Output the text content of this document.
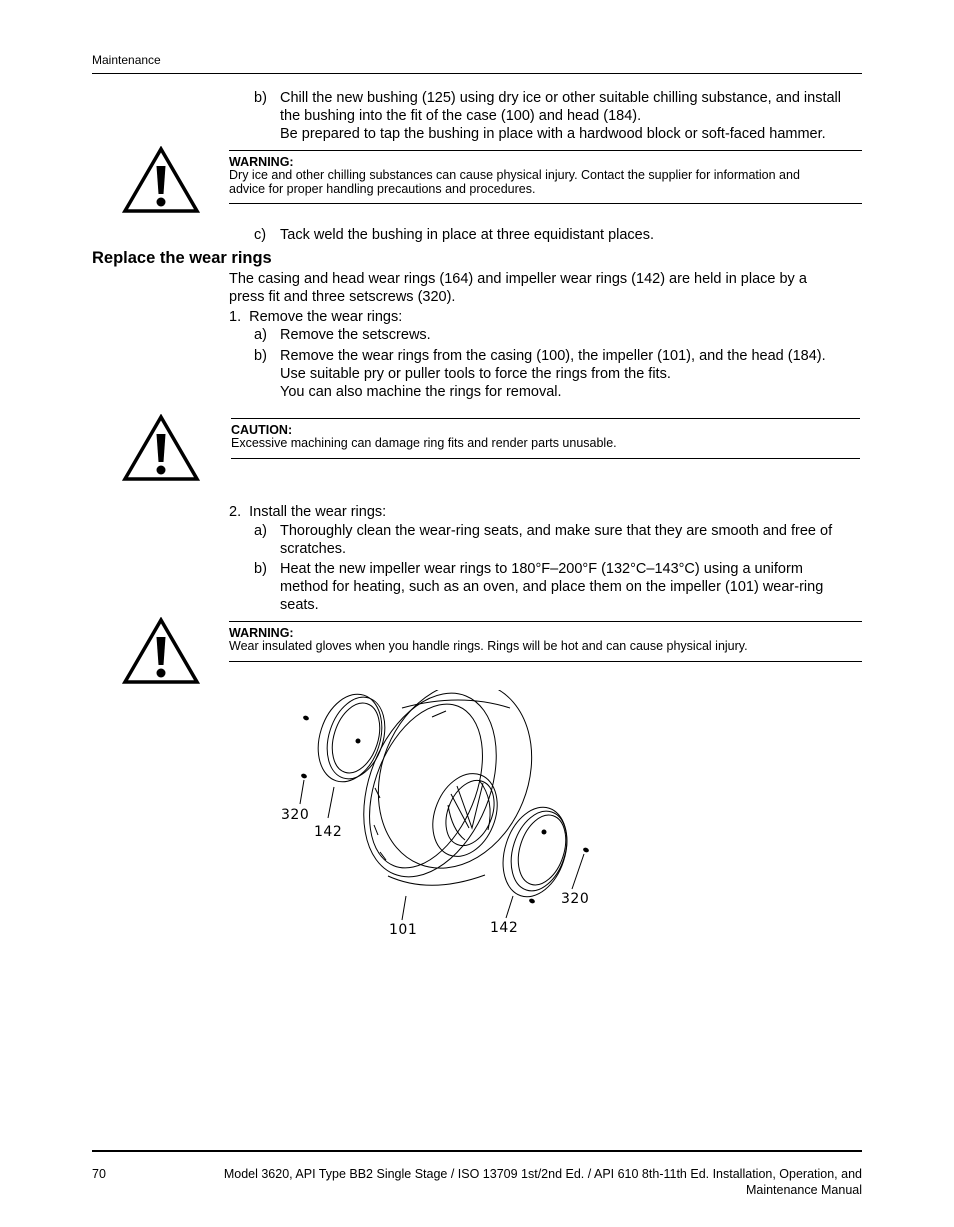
Maintenance
b) Chill the new bushing (125) using dry ice or other suitable chilling substance, and install
the bushing into the fit of the case (100) and head (184).
Be prepared to tap the bushing in place with a hardwood block or soft-faced hammer.
WARNING:
Dry ice and other chilling substances can cause physical injury. Contact the supplier for information and
advice for proper handling precautions and procedures.
c) Tack weld the bushing in place at three equidistant places.
Replace the wear rings
The casing and head wear rings (164) and impeller wear rings (142) are held in place by a
press fit and three setscrews (320).
1.  Remove the wear rings:
a) Remove the setscrews.
b) Remove the wear rings from the casing (100), the impeller (101), and the head (184).
Use suitable pry or puller tools to force the rings from the fits.
You can also machine the rings for removal.
CAUTION:
Excessive machining can damage ring fits and render parts unusable.
2.  Install the wear rings:
a) Thoroughly clean the wear-ring seats, and make sure that they are smooth and free of
scratches.
b) Heat the new impeller wear rings to 180°F–200°F (132°C–143°C) using a uniform
method for heating, such as an oven, and place them on the impeller (101) wear-ring
seats.
WARNING:
Wear insulated gloves when you handle rings. Rings will be hot and can cause physical injury.
320
142
101	142
320
70	Model 3620, API Type BB2 Single Stage / ISO 13709 1st/2nd Ed. / API 610 8th-11th Ed. Installation, Operation, and
Maintenance Manual
